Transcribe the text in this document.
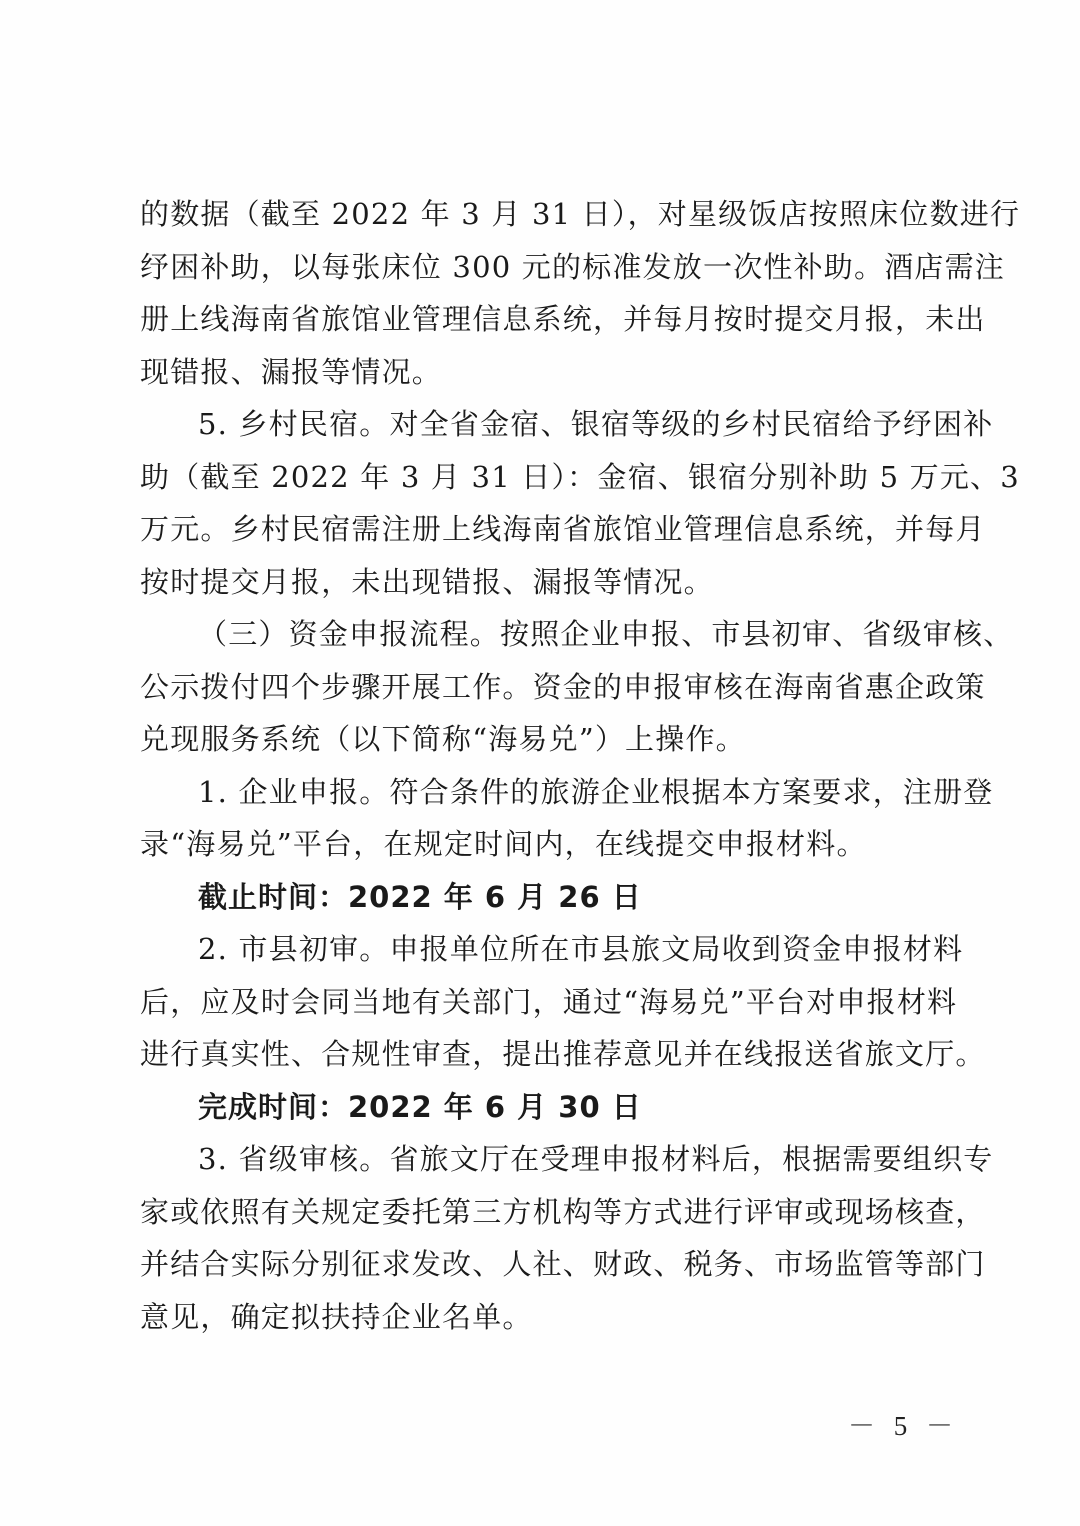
的数据（截至 2022 年 3 月 31 日），对星级饭店按照床位数进行
纾困补助，以每张床位 300 元的标准发放一次性补助。酒店需注
册上线海南省旅馆业管理信息系统，并每月按时提交月报，未出
现错报、漏报等情况。
5. 乡村民宿。对全省金宿、银宿等级的乡村民宿给予纾困补
助（截至 2022 年 3 月 31 日）：金宿、银宿分别补助 5 万元、3
万元。乡村民宿需注册上线海南省旅馆业管理信息系统，并每月
按时提交月报，未出现错报、漏报等情况。
（三）资金申报流程。按照企业申报、市县初审、省级审核、
公示拨付四个步骤开展工作。资金的申报审核在海南省惠企政策
兑现服务系统（以下简称“海易兑”）上操作。
1. 企业申报。符合条件的旅游企业根据本方案要求，注册登
录“海易兑”平台，在规定时间内，在线提交申报材料。
截止时间：2022 年 6 月 26 日
2. 市县初审。申报单位所在市县旅文局收到资金申报材料
后，应及时会同当地有关部门，通过“海易兑”平台对申报材料
进行真实性、合规性审查，提出推荐意见并在线报送省旅文厅。
完成时间：2022 年 6 月 30 日
3. 省级审核。省旅文厅在受理申报材料后，根据需要组织专
家或依照有关规定委托第三方机构等方式进行评审或现场核查，
并结合实际分别征求发改、人社、财政、税务、市场监管等部门
意见，确定拟扶持企业名单。
－ 5 －
